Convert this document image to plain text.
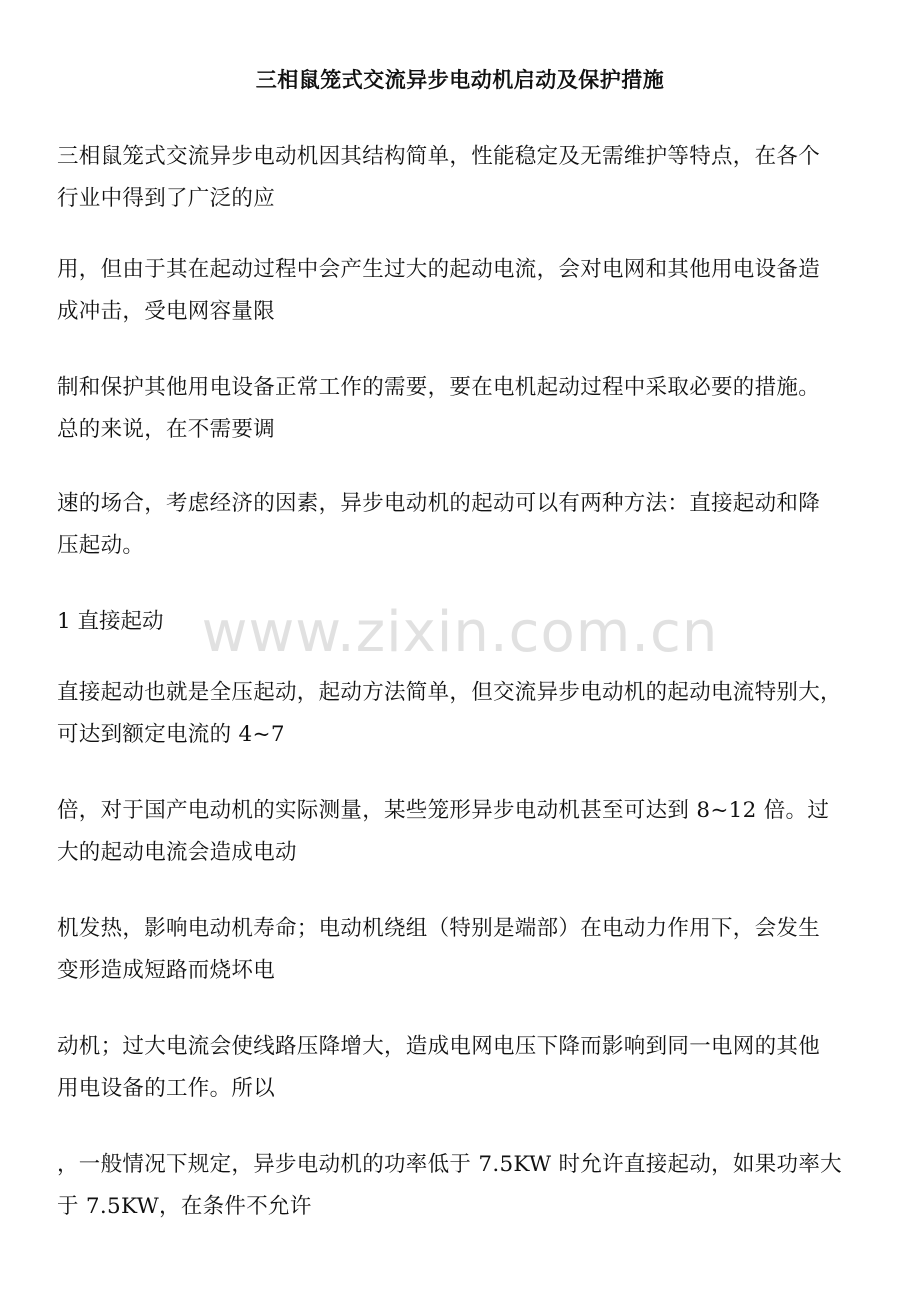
三相鼠笼式交流异步电动机启动及保护措施
三相鼠笼式交流异步电动机因其结构简单，性能稳定及无需维护等特点，在各个
行业中得到了广泛的应
用，但由于其在起动过程中会产生过大的起动电流，会对电网和其他用电设备造
成冲击，受电网容量限
制和保护其他用电设备正常工作的需要，要在电机起动过程中采取必要的措施。
总的来说，在不需要调
速的场合，考虑经济的因素，异步电动机的起动可以有两种方法：直接起动和降
压起动。
1 直接起动
直接起动也就是全压起动，起动方法简单，但交流异步电动机的起动电流特别大，
可达到额定电流的 4~7
倍，对于国产电动机的实际测量，某些笼形异步电动机甚至可达到 8~12 倍。过
大的起动电流会造成电动
机发热，影响电动机寿命；电动机绕组（特别是端部）在电动力作用下，会发生
变形造成短路而烧坏电
动机；过大电流会使线路压降增大，造成电网电压下降而影响到同一电网的其他
用电设备的工作。所以
，一般情况下规定，异步电动机的功率低于 7.5KW 时允许直接起动，如果功率大
于 7.5KW，在条件不允许
www.zixin.com.cn
